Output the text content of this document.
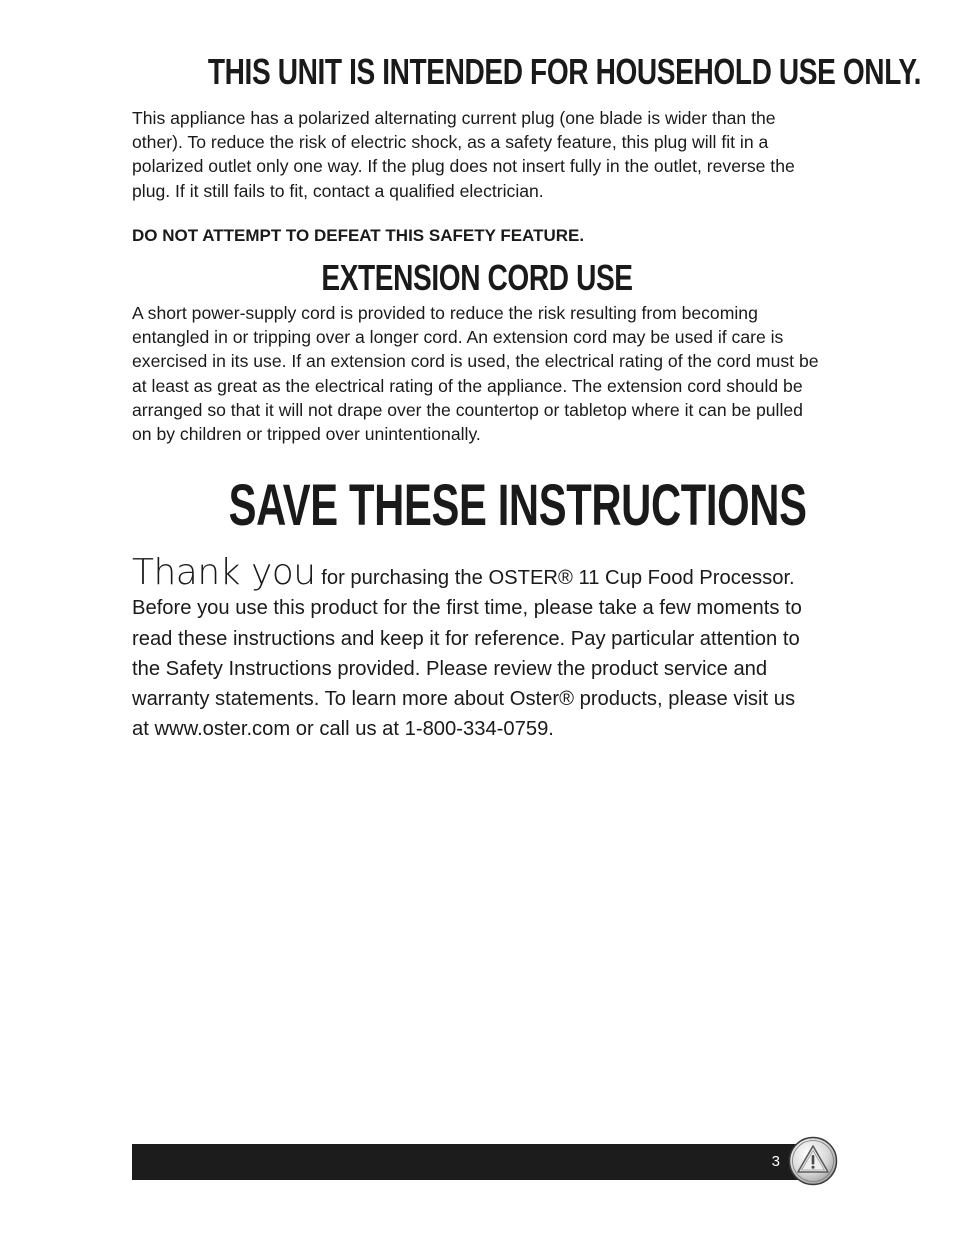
THIS UNIT IS INTENDED FOR HOUSEHOLD USE ONLY.

This appliance has a polarized alternating current plug (one blade is wider than the other). To reduce the risk of electric shock, as a safety feature, this plug will fit in a polarized outlet only one way. If the plug does not insert fully in the outlet, reverse the plug. If it still fails to fit, contact a qualified electrician.

DO NOT ATTEMPT TO DEFEAT THIS SAFETY FEATURE.

EXTENSION CORD USE

A short power-supply cord is provided to reduce the risk resulting from becoming entangled in or tripping over a longer cord. An extension cord may be used if care is exercised in its use. If an extension cord is used, the electrical rating of the cord must be at least as great as the electrical rating of the appliance. The extension cord should be arranged so that it will not drape over the countertop or tabletop where it can be pulled on by children or tripped over unintentionally.

SAVE THESE INSTRUCTIONS

Thank you for purchasing the OSTER® 11 Cup Food Processor. Before you use this product for the first time, please take a few moments to read these instructions and keep it for reference. Pay particular attention to the Safety Instructions provided. Please review the product service and warranty statements. To learn more about Oster® products, please visit us at www.oster.com or call us at 1-800-334-0759.

3
